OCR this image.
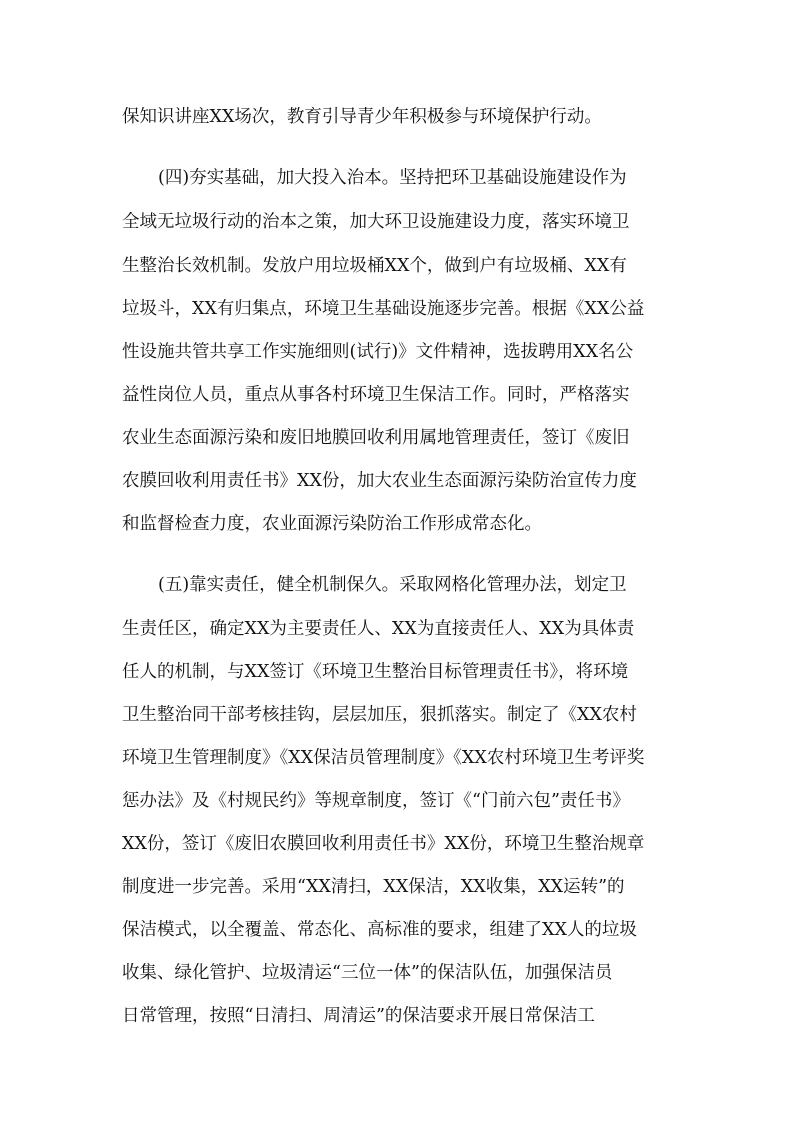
保知识讲座XX场次，教育引导青少年积极参与环境保护行动。

(四)夯实基础，加大投入治本。坚持把环卫基础设施建设作为

全域无垃圾行动的治本之策，加大环卫设施建设力度，落实环境卫

生整治长效机制。发放户用垃圾桶XX个，做到户有垃圾桶、XX有

垃圾斗，XX有归集点，环境卫生基础设施逐步完善。根据《XX公益

性设施共管共享工作实施细则(试行)》文件精神，选拔聘用XX名公

益性岗位人员，重点从事各村环境卫生保洁工作。同时，严格落实

农业生态面源污染和废旧地膜回收利用属地管理责任，签订《废旧

农膜回收利用责任书》XX份，加大农业生态面源污染防治宣传力度

和监督检查力度，农业面源污染防治工作形成常态化。

(五)靠实责任，健全机制保久。采取网格化管理办法，划定卫

生责任区，确定XX为主要责任人、XX为直接责任人、XX为具体责

任人的机制，与XX签订《环境卫生整治目标管理责任书》，将环境

卫生整治同干部考核挂钩，层层加压，狠抓落实。制定了《XX农村

环境卫生管理制度》《XX保洁员管理制度》《XX农村环境卫生考评奖

惩办法》及《村规民约》等规章制度，签订《“门前六包”责任书》

XX份，签订《废旧农膜回收利用责任书》XX份，环境卫生整治规章

制度进一步完善。采用“XX清扫，XX保洁，XX收集，XX运转”的

保洁模式，以全覆盖、常态化、高标准的要求，组建了XX人的垃圾

收集、绿化管护、垃圾清运“三位一体”的保洁队伍，加强保洁员

日常管理，按照“日清扫、周清运”的保洁要求开展日常保洁工
